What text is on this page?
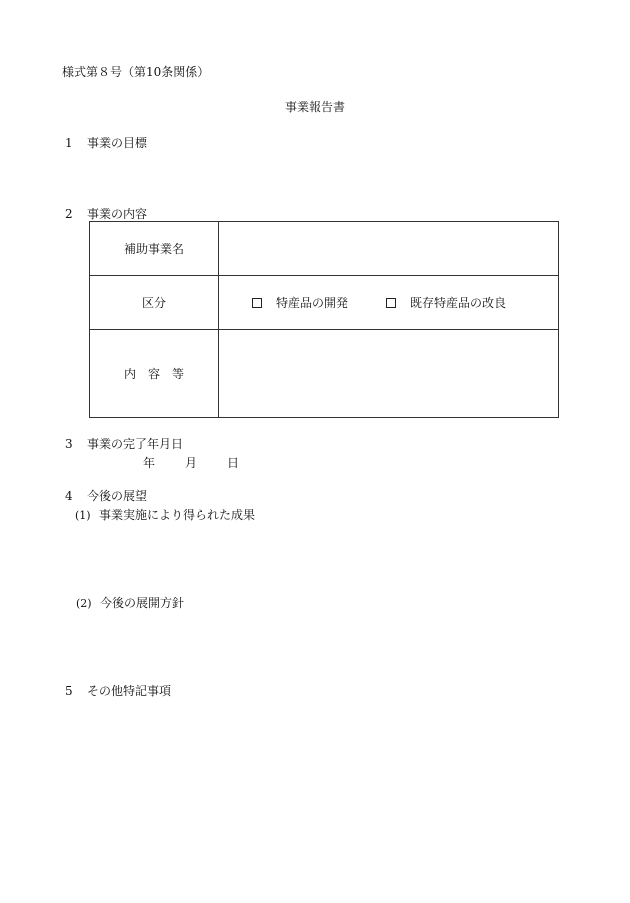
様式第８号（第10条関係）
事業報告書
1 事業の目標
2 事業の内容
補助事業名	
区分	特産品の開発 既存特産品の改良

内容等	
3 事業の完了年月日
年	月	日
4 今後の展望
(1) 事業実施により得られた成果
(2) 今後の展開方針
5 その他特記事項
